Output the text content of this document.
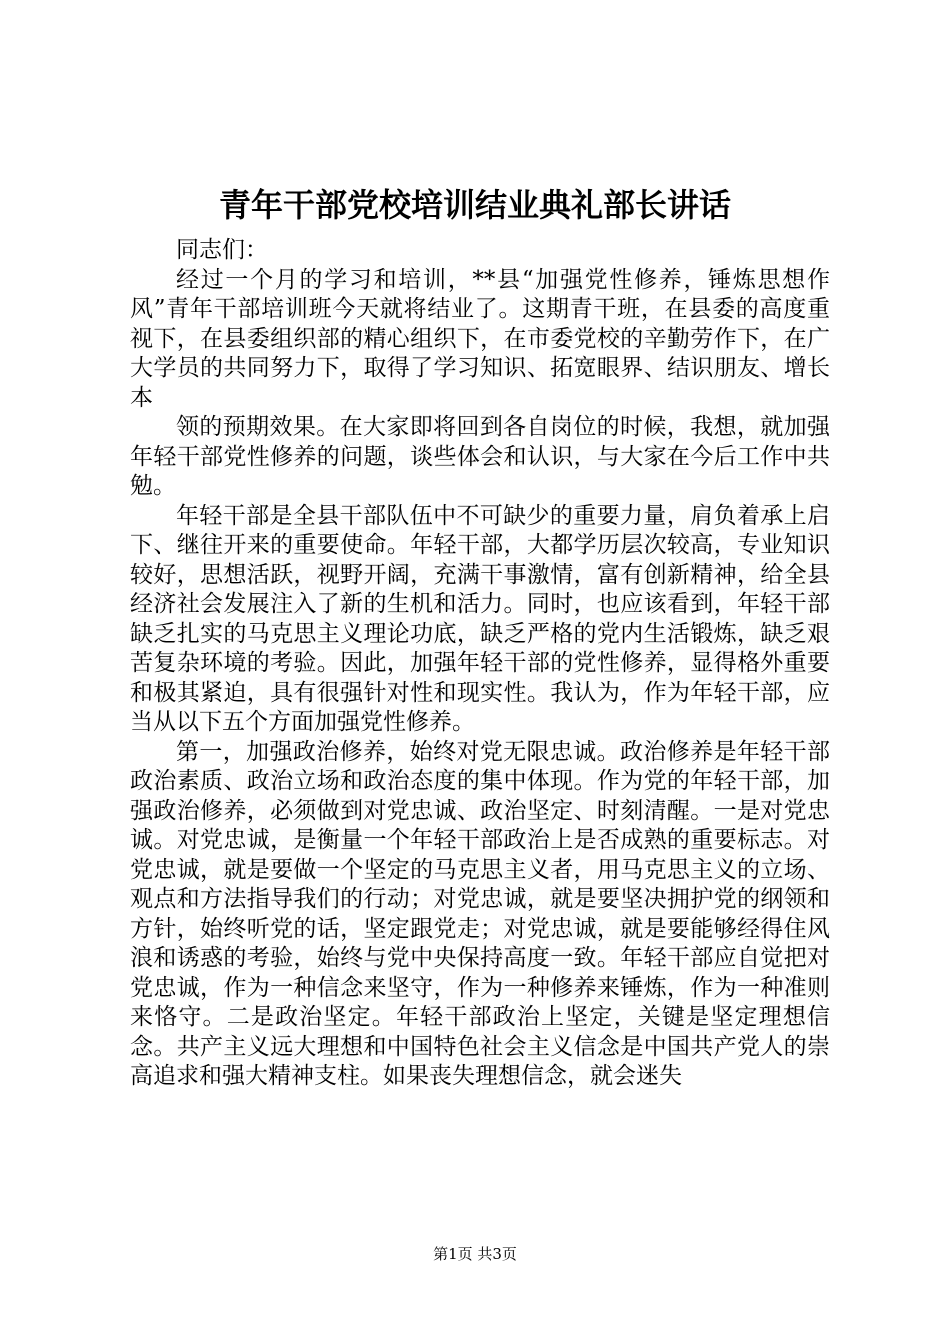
青年干部党校培训结业典礼部长讲话

同志们：

经过一个月的学习和培训，**县“加强党性修养，锤炼思想作风”青年干部培训班今天就将结业了。这期青干班，在县委的高度重视下，在县委组织部的精心组织下，在市委党校的辛勤劳作下，在广大学员的共同努力下，取得了学习知识、拓宽眼界、结识朋友、增长本

领的预期效果。在大家即将回到各自岗位的时候，我想，就加强年轻干部党性修养的问题，谈些体会和认识，与大家在今后工作中共勉。

年轻干部是全县干部队伍中不可缺少的重要力量，肩负着承上启下、继往开来的重要使命。年轻干部，大都学历层次较高，专业知识较好，思想活跃，视野开阔，充满干事激情，富有创新精神，给全县经济社会发展注入了新的生机和活力。同时，也应该看到，年轻干部缺乏扎实的马克思主义理论功底，缺乏严格的党内生活锻炼，缺乏艰苦复杂环境的考验。因此，加强年轻干部的党性修养，显得格外重要和极其紧迫，具有很强针对性和现实性。我认为，作为年轻干部，应当从以下五个方面加强党性修养。

第一，加强政治修养，始终对党无限忠诚。政治修养是年轻干部政治素质、政治立场和政治态度的集中体现。作为党的年轻干部，加强政治修养，必须做到对党忠诚、政治坚定、时刻清醒。一是对党忠诚。对党忠诚，是衡量一个年轻干部政治上是否成熟的重要标志。对党忠诚，就是要做一个坚定的马克思主义者，用马克思主义的立场、观点和方法指导我们的行动；对党忠诚，就是要坚决拥护党的纲领和方针，始终听党的话，坚定跟党走；对党忠诚，就是要能够经得住风浪和诱惑的考验，始终与党中央保持高度一致。年轻干部应自觉把对党忠诚，作为一种信念来坚守，作为一种修养来锤炼，作为一种准则来恪守。二是政治坚定。年轻干部政治上坚定，关键是坚定理想信念。共产主义远大理想和中国特色社会主义信念是中国共产党人的崇高追求和强大精神支柱。如果丧失理想信念，就会迷失

第1页 共3页
